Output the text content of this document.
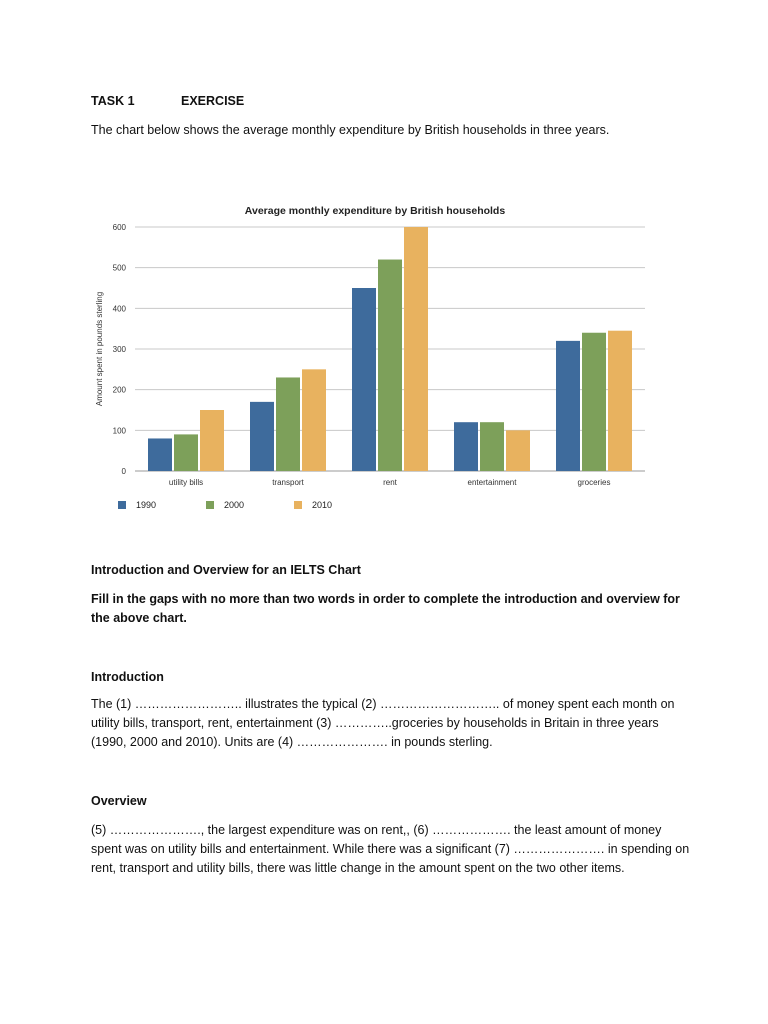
TASK 1	EXERCISE
The chart below shows the average monthly expenditure by British households in three years.
Average monthly expenditure by British households
0
100
200
300
400
500
600
Amount spent in pounds sterling
utility bills	transport	rent	entertainment	groceries
1990	2000	2010
Introduction and Overview for an IELTS Chart
Fill in the gaps with no more than two words in order to complete the introduction and overview for the above chart.
Introduction
The (1) …………………….. illustrates the typical (2) ……………………….. of money spent each month on utility bills, transport, rent, entertainment (3) …………..groceries by households in Britain in three years (1990, 2000 and 2010). Units are (4) …………………. in pounds sterling.
Overview
(5) …………………., the largest expenditure was on rent,, (6) ………………. the least amount of money spent was on utility bills and entertainment. While there was a significant (7) …………………. in spending on rent, transport and utility bills, there was little change in the amount spent on the two other items.
